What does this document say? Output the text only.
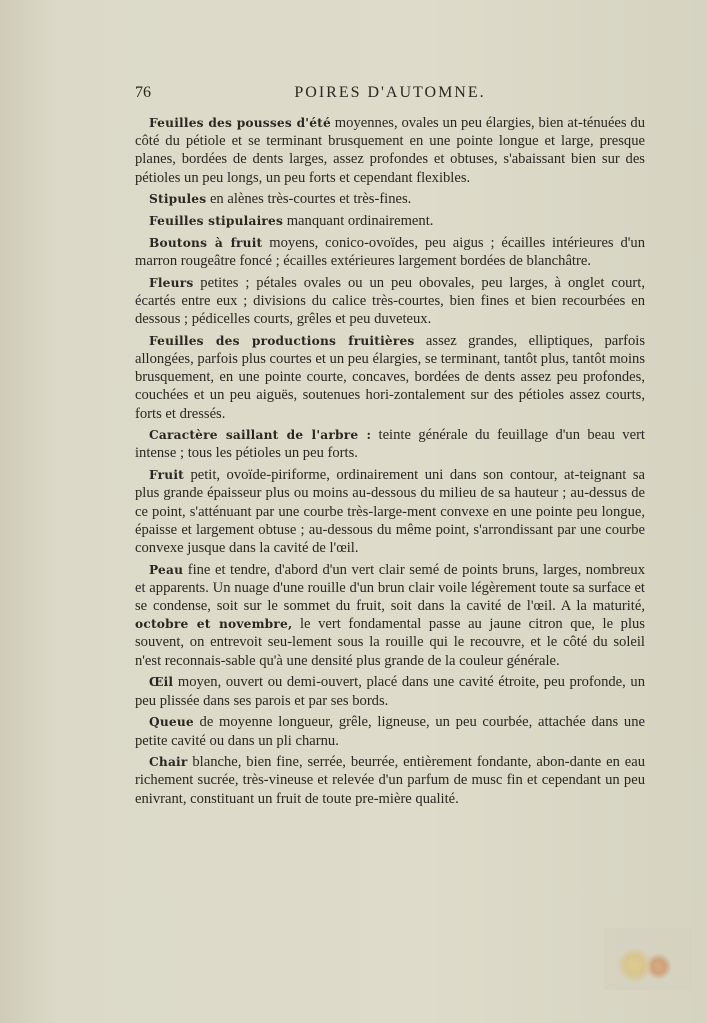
76	POIRES D'AUTOMNE.

Feuilles des pousses d'été moyennes, ovales un peu élargies, bien at-ténuées du côté du pétiole et se terminant brusquement en une pointe longue et large, presque planes, bordées de dents larges, assez profondes et obtuses, s'abaissant bien sur des pétioles un peu longs, un peu forts et cependant flexibles.

Stipules en alènes très-courtes et très-fines.

Feuilles stipulaires manquant ordinairement.

Boutons à fruit moyens, conico-ovoïdes, peu aigus ; écailles intérieures d'un marron rougeâtre foncé ; écailles extérieures largement bordées de blanchâtre.

Fleurs petites ; pétales ovales ou un peu obovales, peu larges, à onglet court, écartés entre eux ; divisions du calice très-courtes, bien fines et bien recourbées en dessous ; pédicelles courts, grêles et peu duveteux.

Feuilles des productions fruitières assez grandes, elliptiques, parfois allongées, parfois plus courtes et un peu élargies, se terminant, tantôt plus, tantôt moins brusquement, en une pointe courte, concaves, bordées de dents assez peu profondes, couchées et un peu aiguës, soutenues hori-zontalement sur des pétioles assez courts, forts et dressés.

Caractère saillant de l'arbre : teinte générale du feuillage d'un beau vert intense ; tous les pétioles un peu forts.

Fruit petit, ovoïde-piriforme, ordinairement uni dans son contour, at-teignant sa plus grande épaisseur plus ou moins au-dessous du milieu de sa hauteur ; au-dessus de ce point, s'atténuant par une courbe très-large-ment convexe en une pointe peu longue, épaisse et largement obtuse ; au-dessous du même point, s'arrondissant par une courbe convexe jusque dans la cavité de l'œil.

Peau fine et tendre, d'abord d'un vert clair semé de points bruns, larges, nombreux et apparents. Un nuage d'une rouille d'un brun clair voile légèrement toute sa surface et se condense, soit sur le sommet du fruit, soit dans la cavité de l'œil. A la maturité, octobre et novembre, le vert fondamental passe au jaune citron que, le plus souvent, on entrevoit seu-lement sous la rouille qui le recouvre, et le côté du soleil n'est reconnais-sable qu'à une densité plus grande de la couleur générale.

Œil moyen, ouvert ou demi-ouvert, placé dans une cavité étroite, peu profonde, un peu plissée dans ses parois et par ses bords.

Queue de moyenne longueur, grêle, ligneuse, un peu courbée, attachée dans une petite cavité ou dans un pli charnu.

Chair blanche, bien fine, serrée, beurrée, entièrement fondante, abon-dante en eau richement sucrée, très-vineuse et relevée d'un parfum de musc fin et cependant un peu enivrant, constituant un fruit de toute pre-mière qualité.
